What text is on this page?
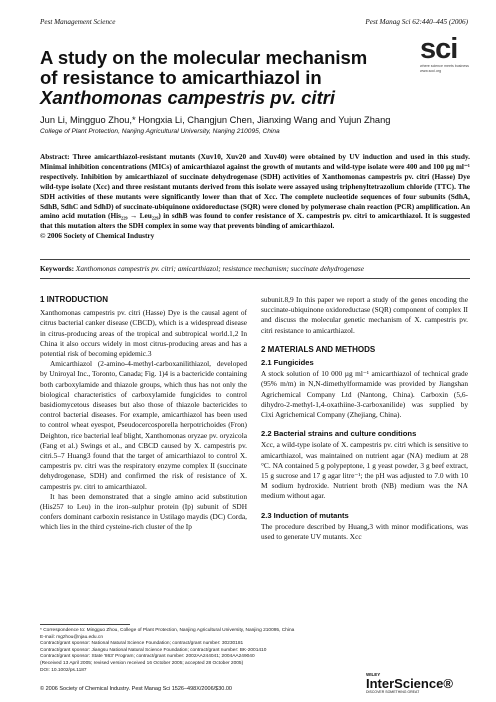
Pest Management Science	Pest Manag Sci 62:440–445 (2006)
sci
where science meets business
www.soci.org
A study on the molecular mechanism
of resistance to amicarthiazol in
Xanthomonas campestris pv. citri
Jun Li, Mingguo Zhou,* Hongxia Li, Changjun Chen, Jianxing Wang and Yujun Zhang
College of Plant Protection, Nanjing Agricultural University, Nanjing 210095, China
Abstract: Three amicarthiazol-resistant mutants (Xuv10, Xuv20 and Xuv40) were obtained by UV induction and used in this study. Minimal inhibition concentrations (MICs) of amicarthiazol against the growth of mutants and wild-type isolate were 400 and 100 µg ml⁻¹ respectively. Inhibition by amicarthiazol of succinate dehydrogenase (SDH) activities of Xanthomonas campestris pv. citri (Hasse) Dye wild-type isolate (Xcc) and three resistant mutants derived from this isolate were assayed using triphenyltetrazolium chloride (TTC). The SDH activities of these mutants were significantly lower than that of Xcc. The complete nucleotide sequences of four subunits (SdhA, SdhB, SdhC and SdhD) of succinate-ubiquinone oxidoreductase (SQR) were cloned by polymerase chain reaction (PCR) amplification. An amino acid mutation (His₂₂₉ → Leu₂₂₉) in sdhB was found to confer resistance of X. campestris pv. citri to amicarthiazol. It is suggested that this mutation alters the SDH complex in some way that prevents binding of amicarthiazol.
© 2006 Society of Chemical Industry
Keywords: Xanthomonas campestris pv. citri; amicarthiazol; resistance mechanism; succinate dehydrogenase
1 INTRODUCTION

Xanthomonas campestris pv. citri (Hasse) Dye is the causal agent of citrus bacterial canker disease (CBCD), which is a widespread disease in citrus-producing areas of the tropical and subtropical world.1,2 In China it also occurs widely in most citrus-producing areas and has a potential risk of becoming epidemic.3

Amicarthiazol (2-amino-4-methyl-carboxanilithiazol, developed by Uniroyal Inc., Toronto, Canada; Fig. 1)4 is a bactericide containing both carboxylamide and thiazole groups, which thus has not only the biological characteristics of carboxylamide fungicides to control basidiomycetous diseases but also those of thiazole bactericides to control bacterial diseases. For example, amicarthiazol has been used to control wheat eyespot, Pseudocercosporella herpotrichoides (Fron) Deighton, rice bacterial leaf blight, Xanthomonas oryzae pv. oryzicola (Fang et al.) Swings et al., and CBCD caused by X. campestris pv. citri.5–7 Huang3 found that the target of amicarthiazol to control X. campestris pv. citri was the respiratory enzyme complex II (succinate dehydrogenase, SDH) and confirmed the risk of resistance of X. campestris pv. citri to amicarthiazol.

It has been demonstrated that a single amino acid substitution (His257 to Leu) in the iron–sulphur protein (Ip) subunit of SDH confers dominant carboxin resistance in Ustilago maydis (DC) Corda, which lies in the third cysteine-rich cluster of the Ip

subunit.8,9 In this paper we report a study of the genes encoding the succinate-ubiquinone oxidoreductase (SQR) component of complex II and discuss the molecular genetic mechanism of X. campestris pv. citri resistance to amicarthiazol.

2 MATERIALS AND METHODS
2.1 Fungicides

A stock solution of 10 000 µg ml⁻¹ amicarthiazol of technical grade (95% m/m) in N,N-dimethylformamide was provided by Jiangshan Agrichemical Company Ltd (Nantong, China). Carboxin (5,6-dihydro-2-methyl-1,4-oxathiine-3-carboxanilide) was supplied by Cixi Agrichemical Company (Zhejiang, China).

2.2 Bacterial strains and culture conditions

Xcc, a wild-type isolate of X. campestris pv. citri which is sensitive to amicarthiazol, was maintained on nutrient agar (NA) medium at 28 °C. NA contained 5 g polypeptone, 1 g yeast powder, 3 g beef extract, 15 g sucrose and 17 g agar litre⁻¹; the pH was adjusted to 7.0 with 10 M sodium hydroxide. Nutrient broth (NB) medium was the NA medium without agar.

2.3 Induction of mutants

The procedure described by Huang,3 with minor modifications, was used to generate UV mutants. Xcc

* Correspondence to: Mingguo Zhou, College of Plant Protection, Nanjing Agricultural University, Nanjing 210095, China
E-mail: mgzhou@njau.edu.cn
Contract/grant sponsor: National Natural Science Foundation; contract/grant number: 30230181
Contract/grant sponsor: Jiangsu National Natural Science Foundation; contract/grant number: BK-2001410
Contract/grant sponsor: State '863' Program; contract/grant number: 2002AA244041; 2004AA249040
(Received 13 April 2005; revised version received 16 October 2005; accepted 28 October 2005)
DOI: 10.1002/ps.1187
WILEY
InterScience®
DISCOVER SOMETHING GREAT
© 2006 Society of Chemical Industry. Pest Manag Sci 1526–498X/2006/$30.00
